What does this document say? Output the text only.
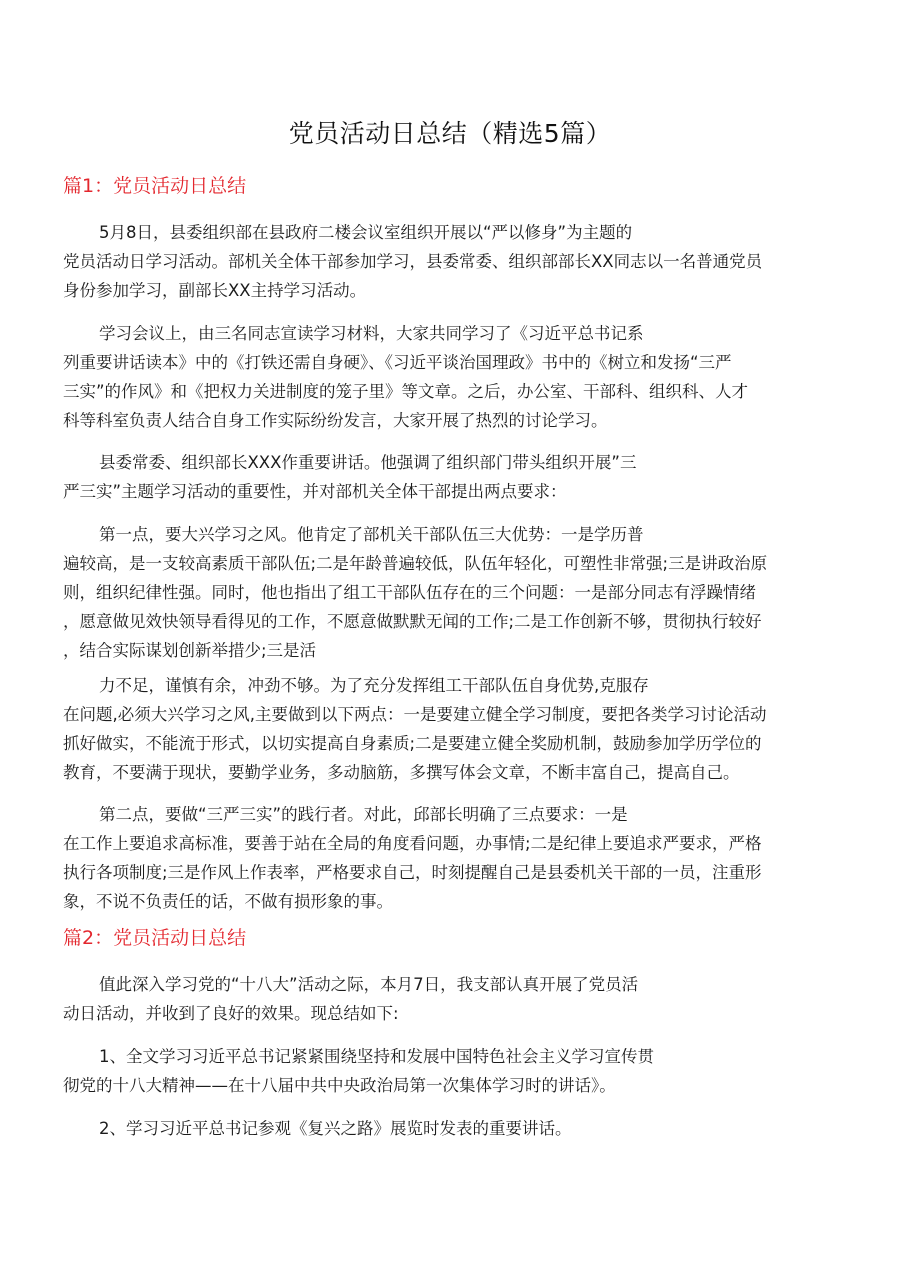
党员活动日总结（精选5篇）
篇1：党员活动日总结
5月8日，县委组织部在县政府二楼会议室组织开展以“严以修身”为主题的
党员活动日学习活动。部机关全体干部参加学习，县委常委、组织部部长XX同志以一名普通党员
身份参加学习，副部长XX主持学习活动。
学习会议上，由三名同志宣读学习材料，大家共同学习了《习近平总书记系
列重要讲话读本》中的《打铁还需自身硬》、《习近平谈治国理政》书中的《树立和发扬“三严
三实”的作风》和《把权力关进制度的笼子里》等文章。之后，办公室、干部科、组织科、人才
科等科室负责人结合自身工作实际纷纷发言，大家开展了热烈的讨论学习。
县委常委、组织部长XXX作重要讲话。他强调了组织部门带头组织开展”三
严三实”主题学习活动的重要性，并对部机关全体干部提出两点要求：
第一点，要大兴学习之风。他肯定了部机关干部队伍三大优势：一是学历普
遍较高，是一支较高素质干部队伍;二是年龄普遍较低，队伍年轻化，可塑性非常强;三是讲政治原
则，组织纪律性强。同时，他也指出了组工干部队伍存在的三个问题：一是部分同志有浮躁情绪
，愿意做见效快领导看得见的工作，不愿意做默默无闻的工作;二是工作创新不够，贯彻执行较好
，结合实际谋划创新举措少;三是活
力不足，谨慎有余，冲劲不够。为了充分发挥组工干部队伍自身优势,克服存
在问题,必须大兴学习之风,主要做到以下两点：一是要建立健全学习制度，要把各类学习讨论活动
抓好做实，不能流于形式，以切实提高自身素质;二是要建立健全奖励机制，鼓励参加学历学位的
教育，不要满于现状，要勤学业务，多动脑筋，多撰写体会文章，不断丰富自己，提高自己。
第二点，要做“三严三实”的践行者。对此，邱部长明确了三点要求：一是
在工作上要追求高标准，要善于站在全局的角度看问题，办事情;二是纪律上要追求严要求，严格
执行各项制度;三是作风上作表率，严格要求自己，时刻提醒自己是县委机关干部的一员，注重形
象，不说不负责任的话，不做有损形象的事。
篇2：党员活动日总结
值此深入学习党的“十八大”活动之际，本月7日，我支部认真开展了党员活
动日活动，并收到了良好的效果。现总结如下:
1、全文学习习近平总书记紧紧围绕坚持和发展中国特色社会主义学习宣传贯
彻党的十八大精神——在十八届中共中央政治局第一次集体学习时的讲话》。
2、学习习近平总书记参观《复兴之路》展览时发表的重要讲话。
